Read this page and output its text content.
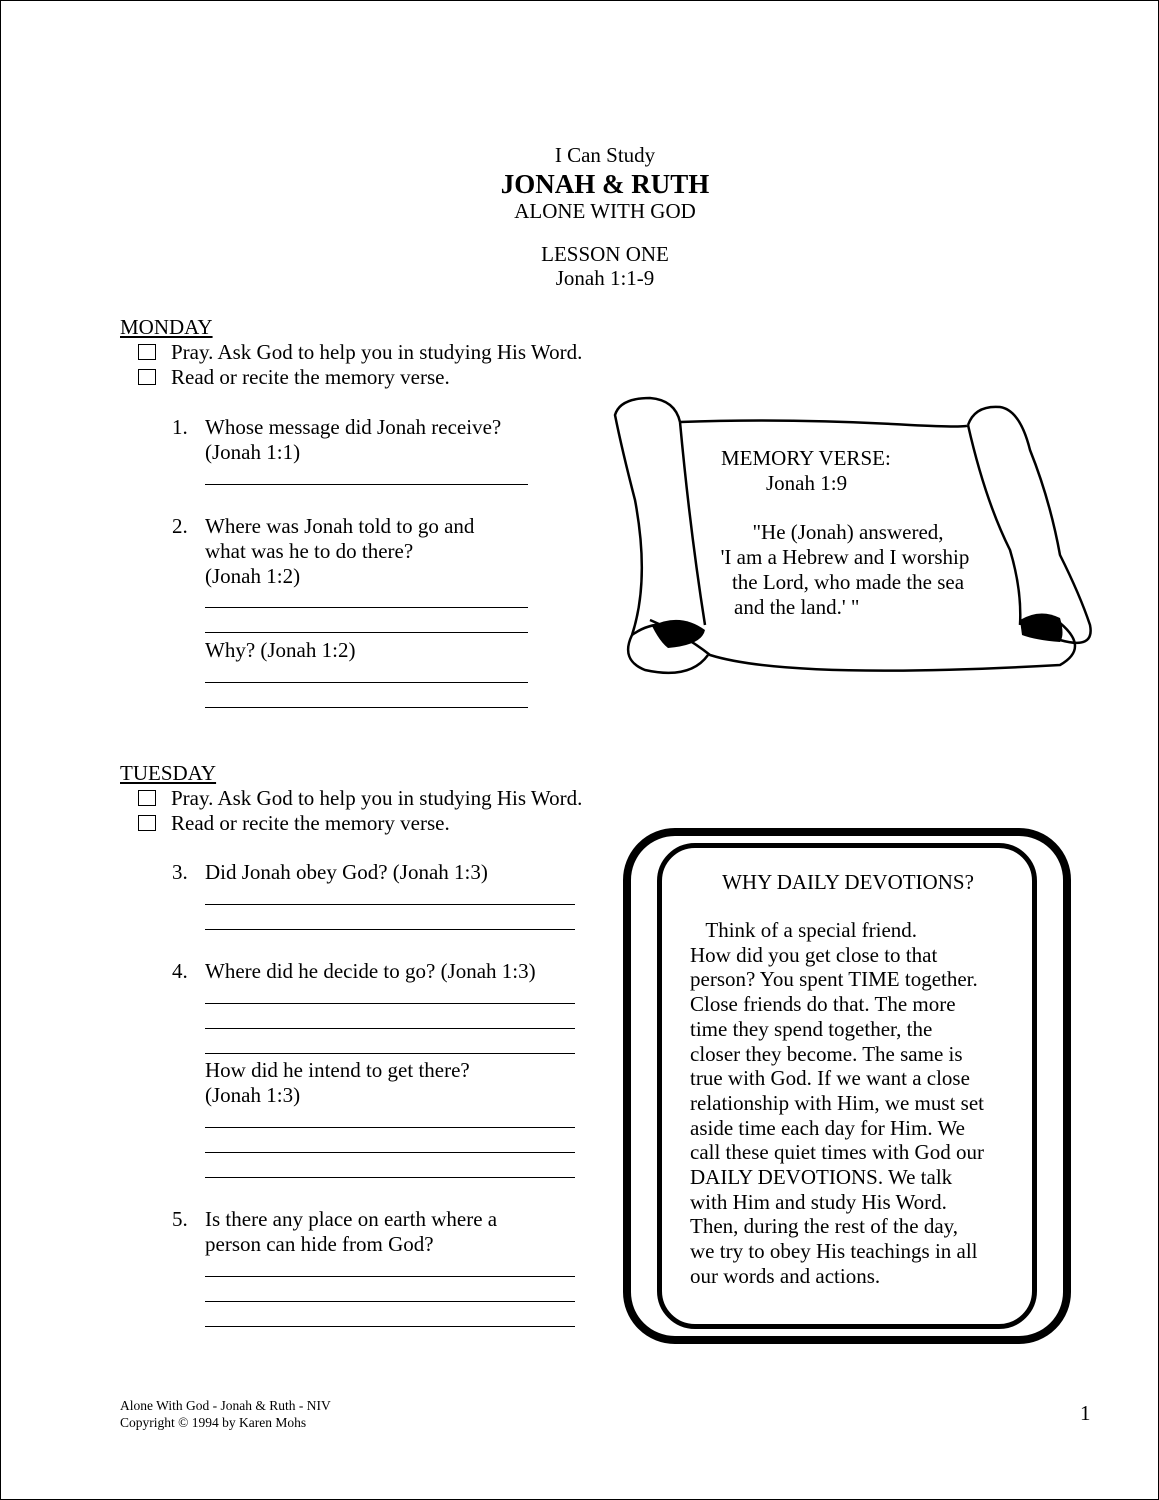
I Can Study
JONAH & RUTH
ALONE WITH GOD
LESSON ONE
Jonah 1:1-9
MONDAY
Pray. Ask God to help you in studying His Word.
Read or recite the memory verse.
1. Whose message did Jonah receive?
(Jonah 1:1)
2. Where was Jonah told to go and
what was he to do there?
(Jonah 1:2)
Why? (Jonah 1:2)
MEMORY VERSE:
Jonah 1:9
"He (Jonah) answered,
'I am a Hebrew and I worship
the Lord, who made the sea
and the land.' "
TUESDAY
Pray. Ask God to help you in studying His Word.
Read or recite the memory verse.
3. Did Jonah obey God? (Jonah 1:3)
4. Where did he decide to go? (Jonah 1:3)
How did he intend to get there?
(Jonah 1:3)
5. Is there any place on earth where a
person can hide from God?
WHY DAILY DEVOTIONS?
Think of a special friend.
How did you get close to that
person? You spent TIME together.
Close friends do that. The more
time they spend together, the
closer they become. The same is
true with God. If we want a close
relationship with Him, we must set
aside time each day for Him. We
call these quiet times with God our
DAILY DEVOTIONS. We talk
with Him and study His Word.
Then, during the rest of the day,
we try to obey His teachings in all
our words and actions.
Alone With God - Jonah & Ruth - NIV
Copyright © 1994 by Karen Mohs	1
